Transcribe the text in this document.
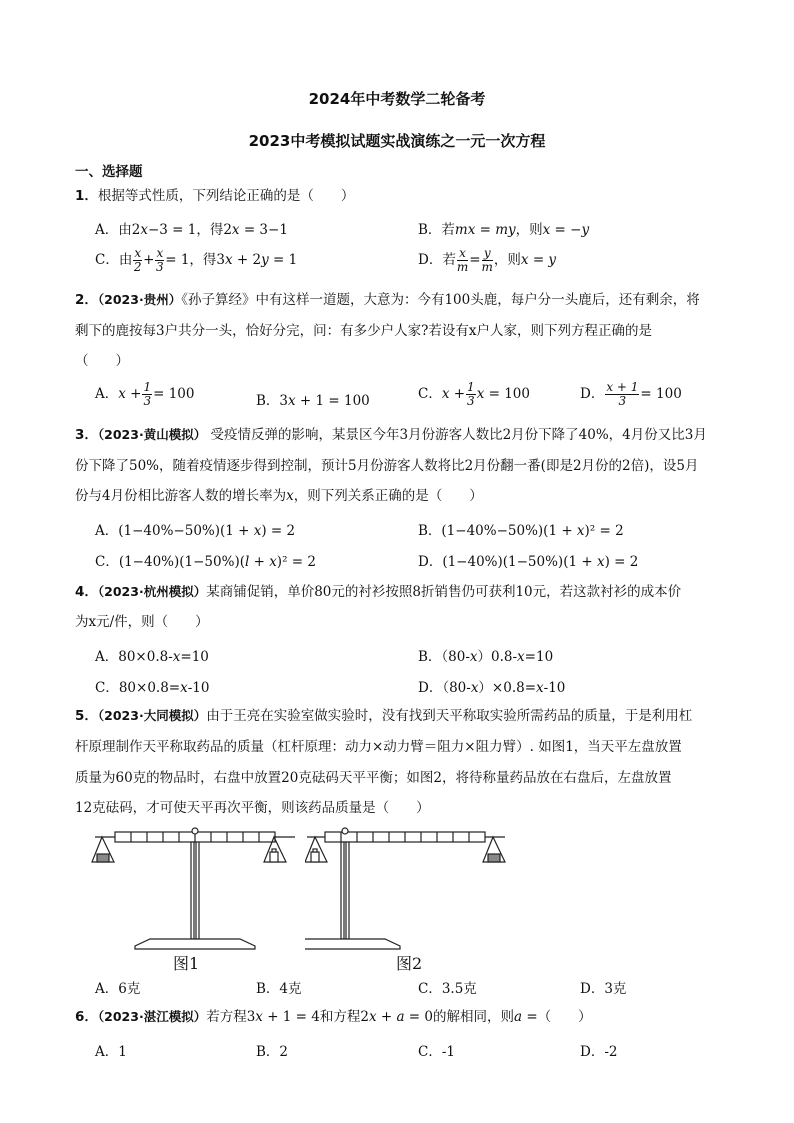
2024年中考数学二轮备考
2023中考模拟试题实战演练之一元一次方程
一、选择题
1．根据等式性质，下列结论正确的是（　　）
A．由2𝑥−3 = 1，得2𝑥 = 3−1	B．若𝑚𝑥 = 𝑚𝑦，则𝑥 = −𝑦
C．由 $\frac{x}{2} + \frac{x}{3} = 1$，得3𝑥 + 2𝑦 = 1	D．若 $\frac{x}{m} = \frac{y}{m}$ ，则𝑥 = 𝑦
2．（2023·贵州）《孙子算经》中有这样一道题，大意为：今有100头鹿，每户分一头鹿后，还有剩余，将
剩下的鹿按每3户共分一头，恰好分完，问：有多少户人家?若设有x户人家，则下列方程正确的是
（　　）
A．𝑥 + $\frac{1}{3} = 100$	B．3𝑥 + 1 = 100	C．𝑥 + $\frac{1}{3}$ 𝑥 = 100	D． $\frac{x + 1}{3} = 100$
3．（2023·黄山模拟） 受疫情反弹的影响，某景区今年3月份游客人数比2月份下降了40%，4月份又比3月
份下降了50%，随着疫情逐步得到控制，预计5月份游客人数将比2月份翻一番(即是2月份的2倍)，设5月
份与4月份相比游客人数的增长率为𝑥，则下列关系正确的是（　　）
A．(1−40%−50%)(1 + 𝑥) = 2	B．(1−40%−50%)(1 + 𝑥)² = 2
C．(1−40%)(1−50%)(𝑙 + 𝑥)² = 2	D．(1−40%)(1−50%)(1 + 𝑥) = 2
4．（2023·杭州模拟）某商铺促销，单价80元的衬衫按照8折销售仍可获利10元，若这款衬衫的成本价
为x元/件，则（　　）
A．80×0.8-𝑥=10	B．（80-𝑥）0.8-𝑥=10
C．80×0.8=𝑥-10	D．（80-𝑥）×0.8=𝑥-10
5．（2023·大同模拟）由于王亮在实验室做实验时，没有找到天平称取实验所需药品的质量，于是利用杠
杆原理制作天平称取药品的质量（杠杆原理：动力×动力臂＝阻力×阻力臂）. 如图1，当天平左盘放置
质量为60克的物品时，右盘中放置20克砝码天平平衡；如图2，将待称量药品放在右盘后，左盘放置
12克砝码，才可使天平再次平衡，则该药品质量是（　　）
图1	图2
A．6克	B．4克	C．3.5克	D．3克
6．（2023·湛江模拟）若方程3𝑥 + 1 = 4和方程2𝑥 + 𝑎 = 0的解相同，则𝑎 =（　　）
A．1	B．2	C．-1	D．-2
